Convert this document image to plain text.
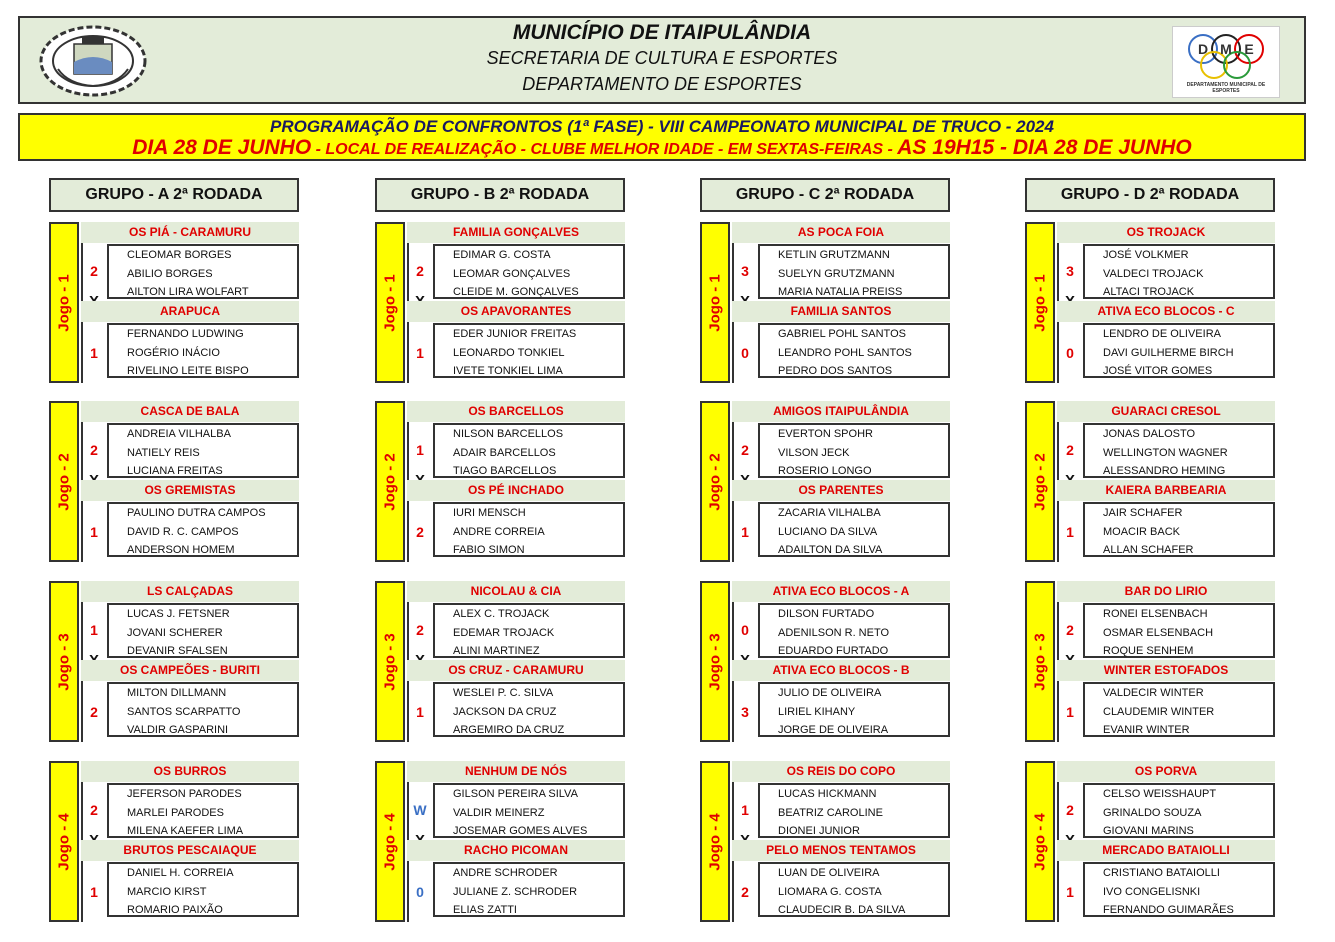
MUNICÍPIO DE ITAIPULÂNDIA
SECRETARIA DE CULTURA E ESPORTES
DEPARTAMENTO DE ESPORTES
D M E
DEPARTAMENTO MUNICIPAL DE ESPORTES
PROGRAMAÇÃO DE CONFRONTOS (1ª FASE) - VIII CAMPEONATO MUNICIPAL DE TRUCO - 2024
DIA 28 DE JUNHO - LOCAL DE REALIZAÇÃO - CLUBE MELHOR IDADE - EM SEXTAS-FEIRAS - AS 19H15 - DIA 28 DE JUNHO
GRUPO - A 2ª RODADA
Jogo - 1
OS PIÁ - CARAMURU
CLEOMAR BORGES
ABILIO BORGES
AILTON LIRA WOLFART
2
ARAPUCA
FERNANDO LUDWING
ROGÉRIO INÁCIO
RIVELINO LEITE BISPO
1
Jogo - 2
CASCA DE BALA
ANDREIA VILHALBA
NATIELY REIS
LUCIANA FREITAS
2
OS GREMISTAS
PAULINO DUTRA CAMPOS
DAVID R. C. CAMPOS
ANDERSON HOMEM
1
Jogo - 3
LS CALÇADAS
LUCAS J. FETSNER
JOVANI SCHERER
DEVANIR SFALSEN
1
OS CAMPEÕES - BURITI
MILTON DILLMANN
SANTOS SCARPATTO
VALDIR GASPARINI
2
Jogo - 4
OS BURROS
JEFERSON PARODES
MARLEI PARODES
MILENA KAEFER LIMA
2
BRUTOS PESCAIAQUE
DANIEL H. CORREIA
MARCIO KIRST
ROMARIO PAIXÃO
1
GRUPO - B 2ª RODADA
Jogo - 1
FAMILIA GONÇALVES
EDIMAR G. COSTA
LEOMAR GONÇALVES
CLEIDE M. GONÇALVES
2
OS APAVORANTES
EDER JUNIOR FREITAS
LEONARDO TONKIEL
IVETE TONKIEL LIMA
1
Jogo - 2
OS BARCELLOS
NILSON BARCELLOS
ADAIR BARCELLOS
TIAGO BARCELLOS
1
OS PÉ INCHADO
IURI MENSCH
ANDRE CORREIA
FABIO SIMON
2
Jogo - 3
NICOLAU & CIA
ALEX C. TROJACK
EDEMAR TROJACK
ALINI MARTINEZ
2
OS CRUZ - CARAMURU
WESLEI P. C. SILVA
JACKSON DA CRUZ
ARGEMIRO DA CRUZ
1
Jogo - 4
NENHUM DE NÓS
GILSON PEREIRA SILVA
VALDIR MEINERZ
JOSEMAR GOMES ALVES
W
RACHO PICOMAN
ANDRE SCHRODER
JULIANE Z. SCHRODER
ELIAS ZATTI
0
GRUPO - C 2ª RODADA
Jogo - 1
AS POCA FOIA
KETLIN GRUTZMANN
SUELYN GRUTZMANN
MARIA NATALIA PREISS
3
FAMILIA SANTOS
GABRIEL POHL SANTOS
LEANDRO POHL SANTOS
PEDRO DOS SANTOS
0
Jogo - 2
AMIGOS ITAIPULÂNDIA
EVERTON SPOHR
VILSON JECK
ROSERIO LONGO
2
OS PARENTES
ZACARIA VILHALBA
LUCIANO DA SILVA
ADAILTON DA SILVA
1
Jogo - 3
ATIVA ECO BLOCOS - A
DILSON FURTADO
ADENILSON R. NETO
EDUARDO FURTADO
0
ATIVA ECO BLOCOS - B
JULIO DE OLIVEIRA
LIRIEL KIHANY
JORGE DE OLIVEIRA
3
Jogo - 4
OS REIS DO COPO
LUCAS HICKMANN
BEATRIZ CAROLINE
DIONEI JUNIOR
1
PELO MENOS TENTAMOS
LUAN DE OLIVEIRA
LIOMARA G. COSTA
CLAUDECIR B. DA SILVA
2
GRUPO - D 2ª RODADA
Jogo - 1
OS TROJACK
JOSÉ VOLKMER
VALDECI TROJACK
ALTACI TROJACK
3
ATIVA ECO BLOCOS - C
LENDRO DE OLIVEIRA
DAVI GUILHERME BIRCH
JOSÉ VITOR GOMES
0
Jogo - 2
GUARACI CRESOL
JONAS DALOSTO
WELLINGTON WAGNER
ALESSANDRO HEMING
2
KAIERA BARBEARIA
JAIR SCHAFER
MOACIR BACK
ALLAN SCHAFER
1
Jogo - 3
BAR DO LIRIO
RONEI ELSENBACH
OSMAR ELSENBACH
ROQUE SENHEM
2
WINTER ESTOFADOS
VALDECIR WINTER
CLAUDEMIR WINTER
EVANIR WINTER
1
Jogo - 4
OS PORVA
CELSO WEISSHAUPT
GRINALDO SOUZA
GIOVANI MARINS
2
MERCADO BATAIOLLI
CRISTIANO BATAIOLLI
IVO CONGELISNKI
FERNANDO GUIMARÃES
1
